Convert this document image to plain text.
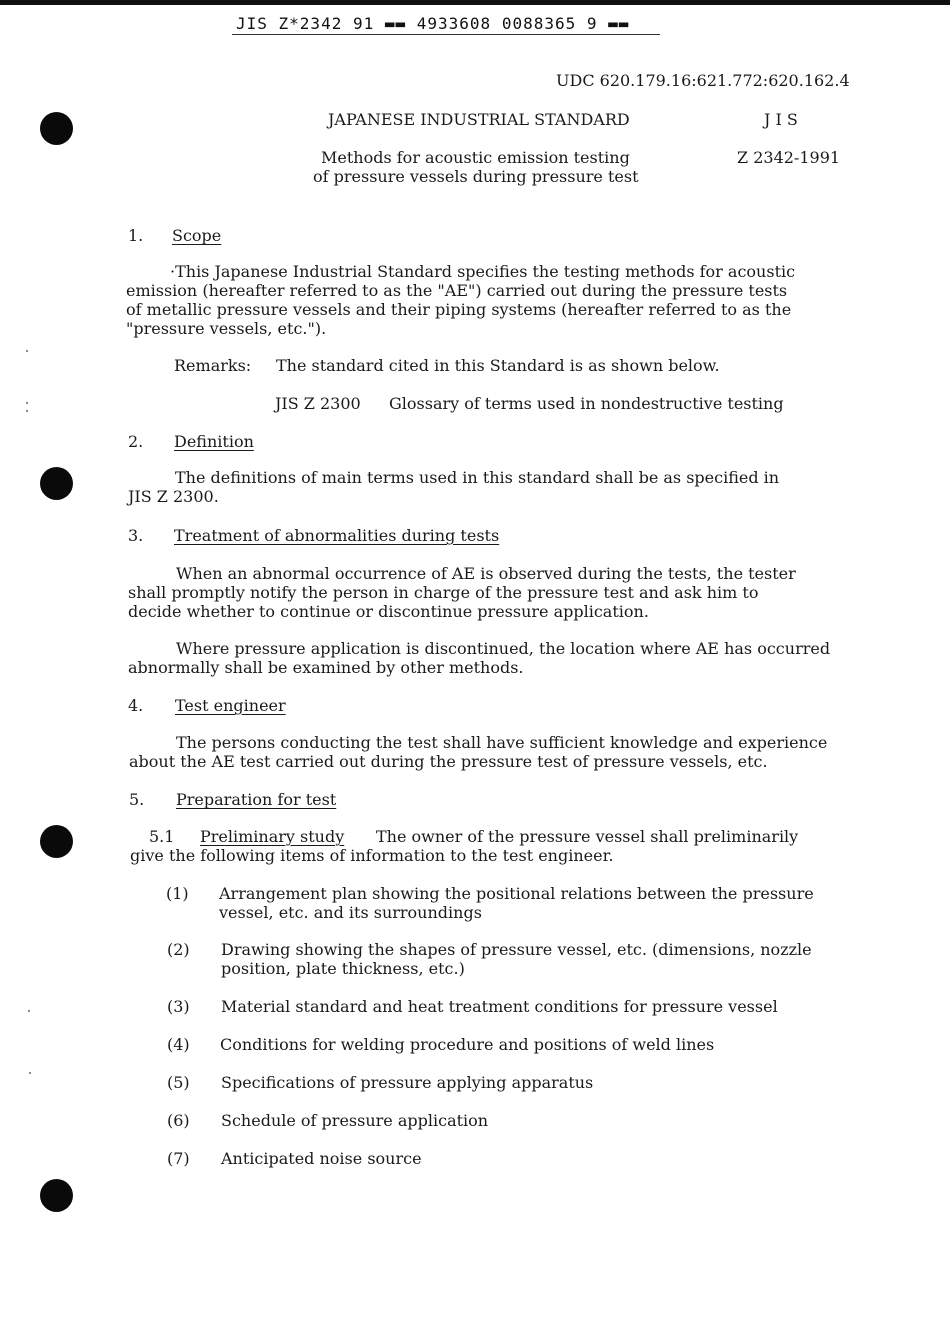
JIS Z*2342 91 ▬▬ 4933608 0088365 9 ▬▬
UDC 620.179.16:621.772:620.162.4
JAPANESE INDUSTRIAL STANDARD	J I S
Methods for acoustic emission testing
of pressure vessels during pressure test
Z 2342-1991
1. Scope
·This Japanese Industrial Standard specifies the testing methods for acoustic
emission (hereafter referred to as the "AE") carried out during the pressure tests
of metallic pressure vessels and their piping systems (hereafter referred to as the
"pressure vessels, etc.").
Remarks: The standard cited in this Standard is as shown below.
JIS Z 2300 Glossary of terms used in nondestructive testing
2. Definition
The definitions of main terms used in this standard shall be as specified in
JIS Z 2300.
3. Treatment of abnormalities during tests
When an abnormal occurrence of AE is observed during the tests, the tester
shall promptly notify the person in charge of the pressure test and ask him to
decide whether to continue or discontinue pressure application.
Where pressure application is discontinued, the location where AE has occurred
abnormally shall be examined by other methods.
4. Test engineer
The persons conducting the test shall have sufficient knowledge and experience
about the AE test carried out during the pressure test of pressure vessels, etc.
5. Preparation for test
5.1 Preliminary study The owner of the pressure vessel shall preliminarily
give the following items of information to the test engineer.
(1) Arrangement plan showing the positional relations between the pressure
vessel, etc. and its surroundings
(2) Drawing showing the shapes of pressure vessel, etc. (dimensions, nozzle
position, plate thickness, etc.)
(3) Material standard and heat treatment conditions for pressure vessel
(4) Conditions for welding procedure and positions of weld lines
(5) Specifications of pressure applying apparatus
(6) Schedule of pressure application
(7) Anticipated noise source
